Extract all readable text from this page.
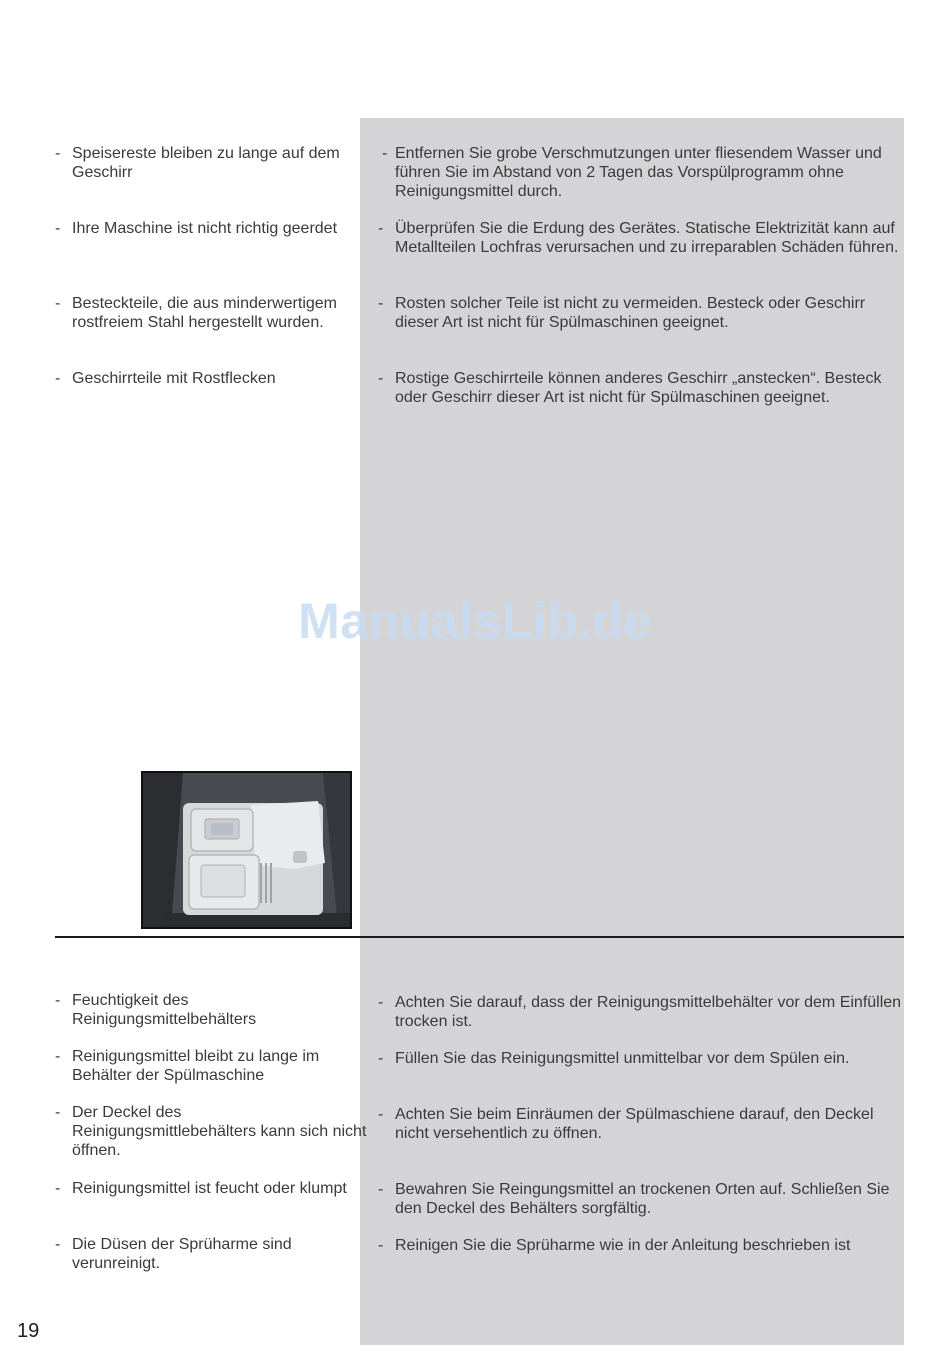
- Speisereste bleiben zu lange auf dem Geschirr
- Ihre Maschine ist nicht richtig geerdet
- Besteckteile, die aus minderwertigem rostfreiem Stahl hergestellt wurden.
- Geschirrteile mit Rostflecken
- Entfernen Sie grobe Verschmutzungen unter fliesendem Wasser und führen Sie im Abstand von 2 Tagen das Vorspülprogramm ohne Reinigungsmittel durch.
- Überprüfen Sie die Erdung des Gerätes. Statische Elektrizität kann auf Metallteilen Lochfras verursachen und zu irreparablen Schäden führen.
- Rosten solcher Teile ist nicht zu vermeiden. Besteck oder Geschirr dieser Art ist nicht für Spülmaschinen geeignet.
- Rostige Geschirrteile können anderes Geschirr „anstecken“. Besteck oder Geschirr dieser Art ist nicht für Spülmaschinen geeignet.
ManualsLib.de
- Feuchtigkeit des Reinigungsmittelbehälters
- Reinigungsmittel bleibt zu lange im Behälter der Spülmaschine
- Der Deckel des Reinigungsmittlebehälters kann sich nicht öffnen.
- Reinigungsmittel ist feucht oder klumpt
- Die Düsen der Sprüharme sind verunreinigt.
- Achten Sie darauf, dass der Reinigungsmittelbehälter vor dem Einfüllen trocken ist.
- Füllen Sie das Reinigungsmittel unmittelbar vor dem Spülen ein.
- Achten Sie beim Einräumen der Spülmaschiene darauf, den Deckel nicht versehentlich zu öffnen.
- Bewahren Sie Reingungsmittel an trockenen Orten auf. Schließen Sie den Deckel des Behälters sorgfältig.
- Reinigen Sie die Sprüharme wie in der Anleitung beschrieben ist
19
